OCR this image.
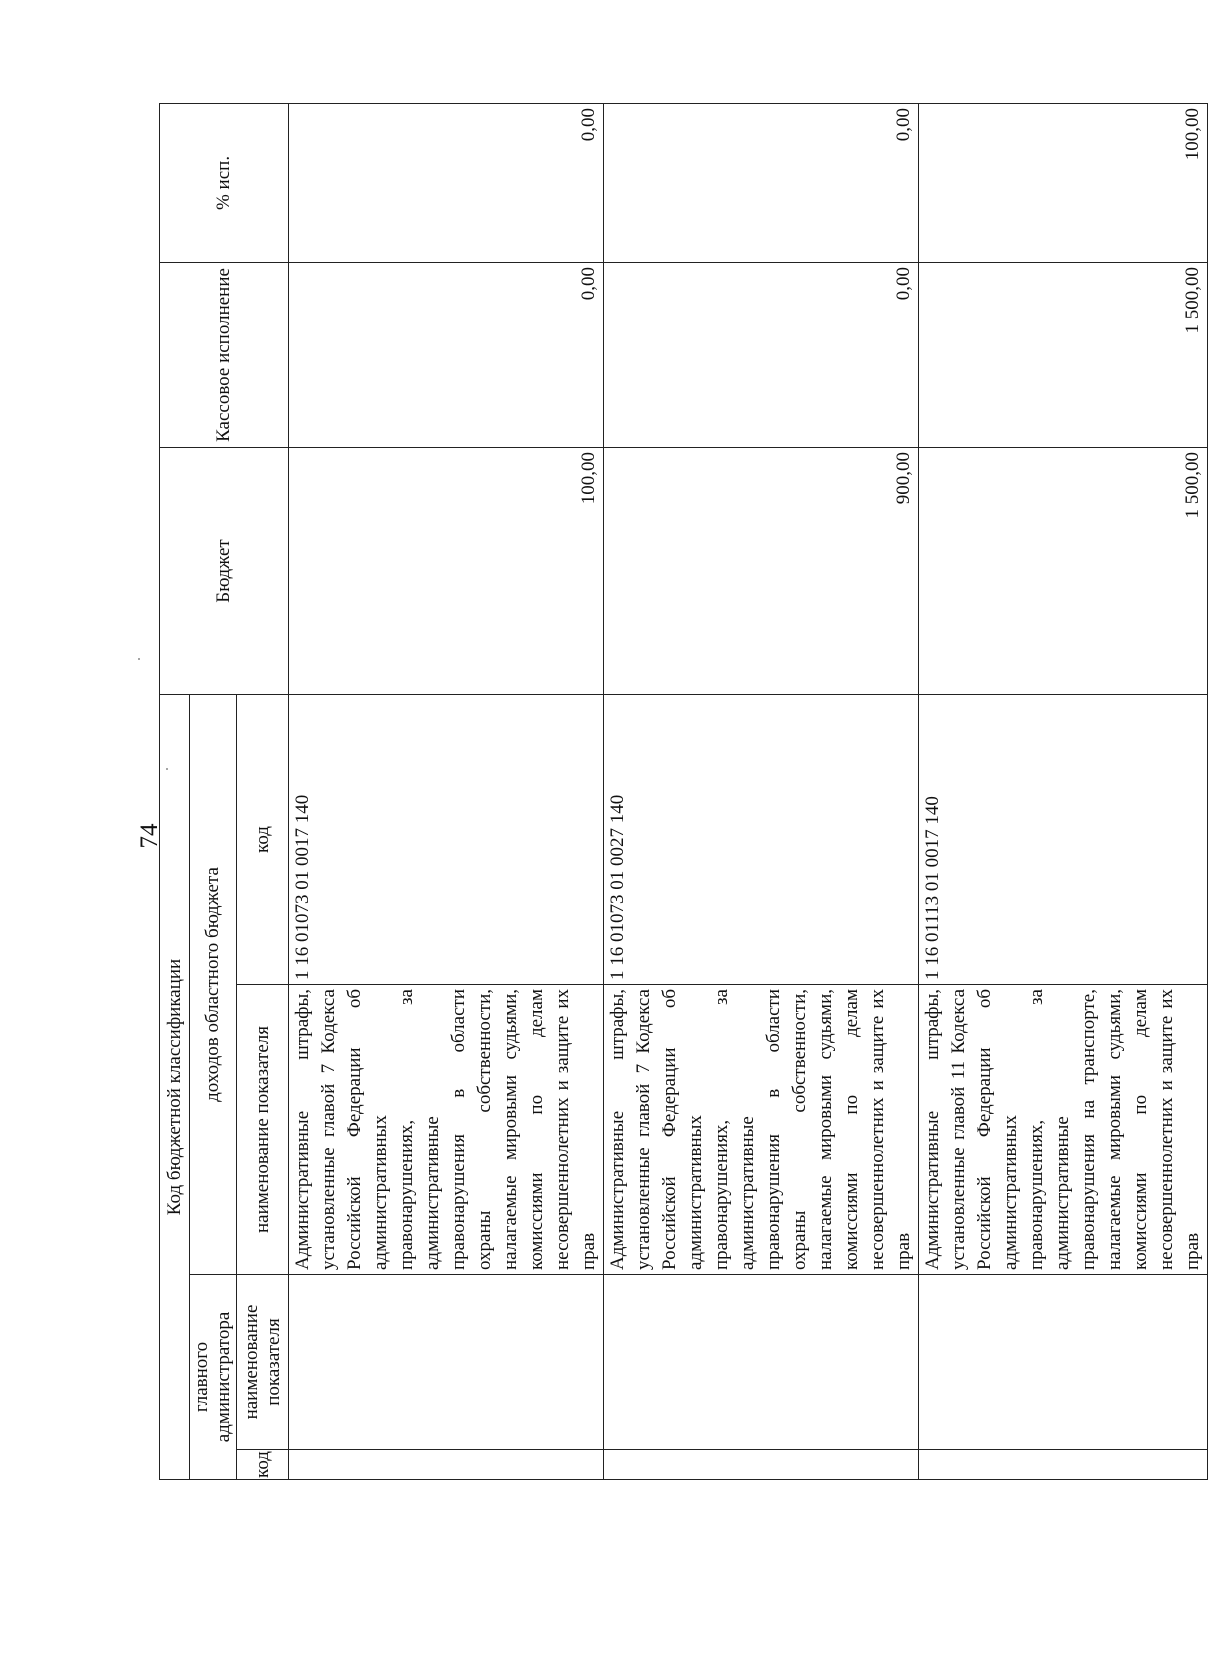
74
Код бюджетной классификации				Бюджет	Кассовое исполнение	% исп.
главного администратора		доходов областного бюджета				
код	наименование показателя	наименование показателя	код			
		Административные штрафы, установленные главой 7 Кодекса Российской Федерации об административных правонарушениях, за административные правонарушения в области охраны собственности, налагаемые мировыми судьями, комиссиями по делам несовершеннолетних и защите их прав	1 16 01073 01 0017 140	100,00	0,00	0,00
		Административные штрафы, установленные главой 7 Кодекса Российской Федерации об административных правонарушениях, за административные правонарушения в области охраны собственности, налагаемые мировыми судьями, комиссиями по делам несовершеннолетних и защите их прав	1 16 01073 01 0027 140	900,00	0,00	0,00
		Административные штрафы, установленные главой 11 Кодекса Российской Федерации об административных правонарушениях, за административные правонарушения на транспорте, налагаемые мировыми судьями, комиссиями по делам несовершеннолетних и защите их прав	1 16 01113 01 0017 140	1 500,00	1 500,00	100,00
